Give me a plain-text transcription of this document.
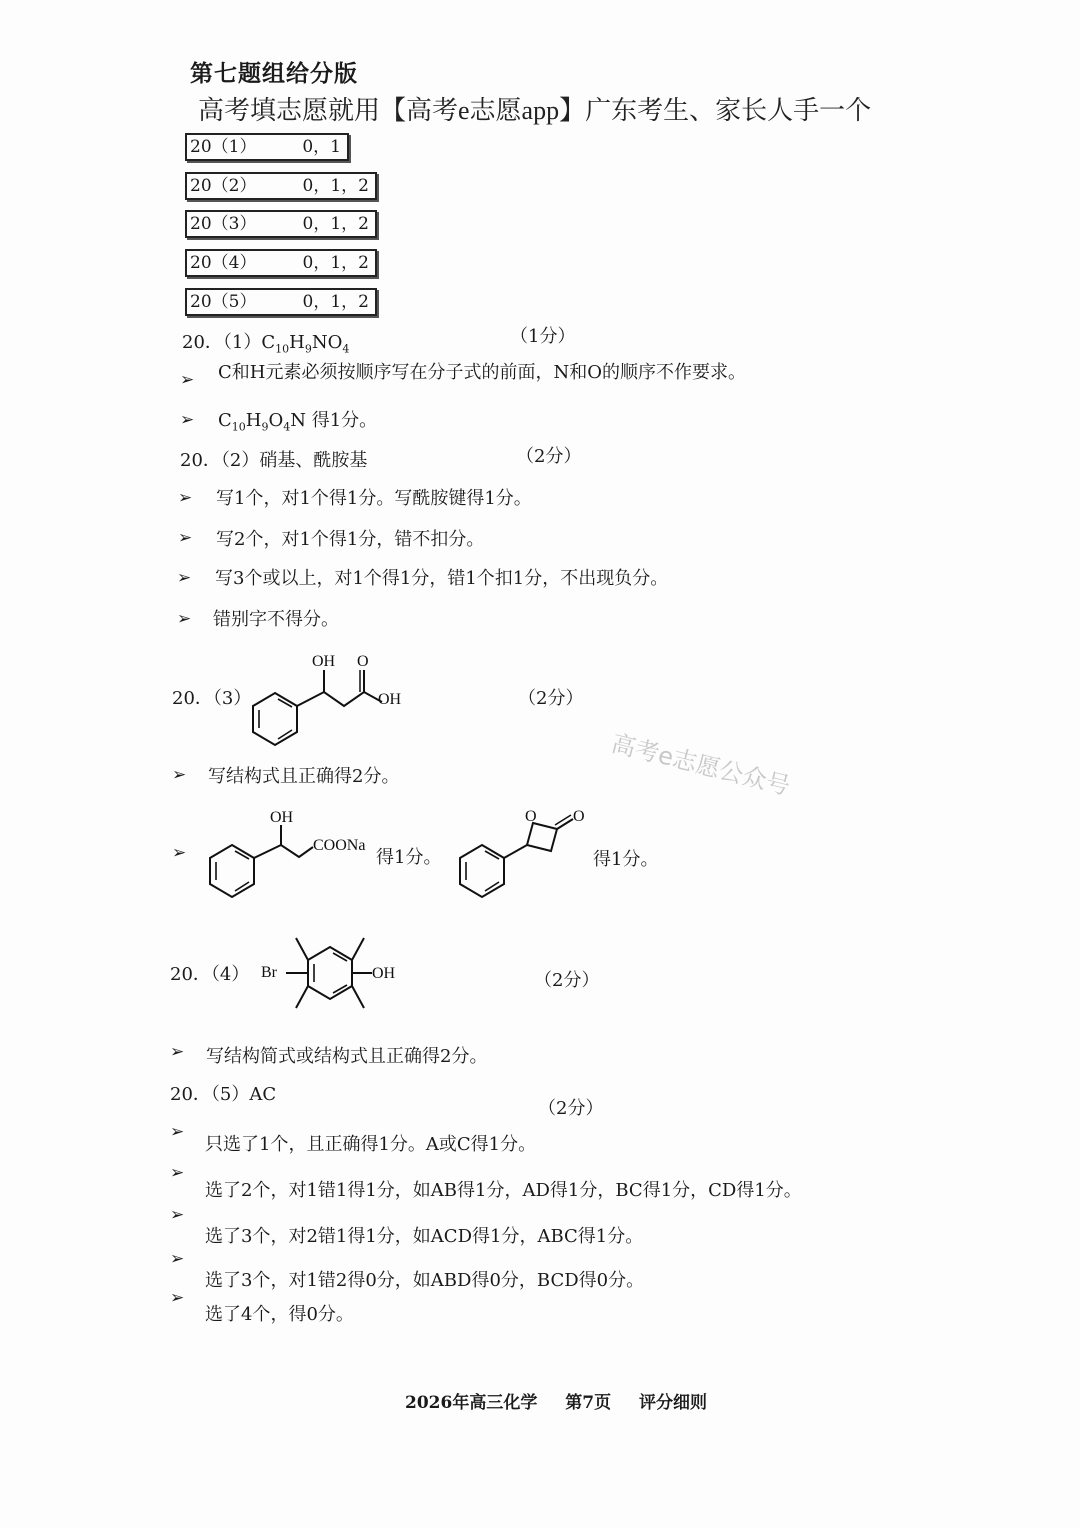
第七题组给分版
高考填志愿就用【高考e志愿app】广东考生、家长人手一个
20（1）	0，1
20（2）	0，1，2
20（3）	0，1，2
20（4）	0，1，2
20（5）	0，1，2
20．$(1)C_{10}H_9NO_4$
（1分）
➢ C和H元素必须按顺序写在分子式的前面，N和O的顺序不作要求。
➢ $C_{10}H_9O_4N$ 得1分。
20．（2）硝基、酰胺基	（2分）
➢ 写1个，对1个得1分。写酰胺键得1分。
➢ 写2个，对1个得1分，错不扣分。
➢ 写3个或以上，对1个得1分，错1个扣1分，不出现负分。
➢ 错别字不得分。
20．（3）
OH O
OH	（2分）
高考e志愿公众号
➢ 写结构式且正确得2分。
➢
OH
COONa
得1分。
O O
得1分。
20．（4） Br	OH	（2分）
➢ 写结构简式或结构式且正确得2分。
20．（5）AC
（2分）
➢
只选了1个，且正确得1分。A或C得1分。
➢
选了2个，对1错1得1分，如AB得1分，AD得1分，BC得1分，CD得1分。
➢
选了3个，对2错1得1分，如ACD得1分，ABC得1分。
➢
选了3个，对1错2得0分，如ABD得0分，BCD得0分。
➢
选了4个，得0分。
2026年高三化学 第7页 评分细则
